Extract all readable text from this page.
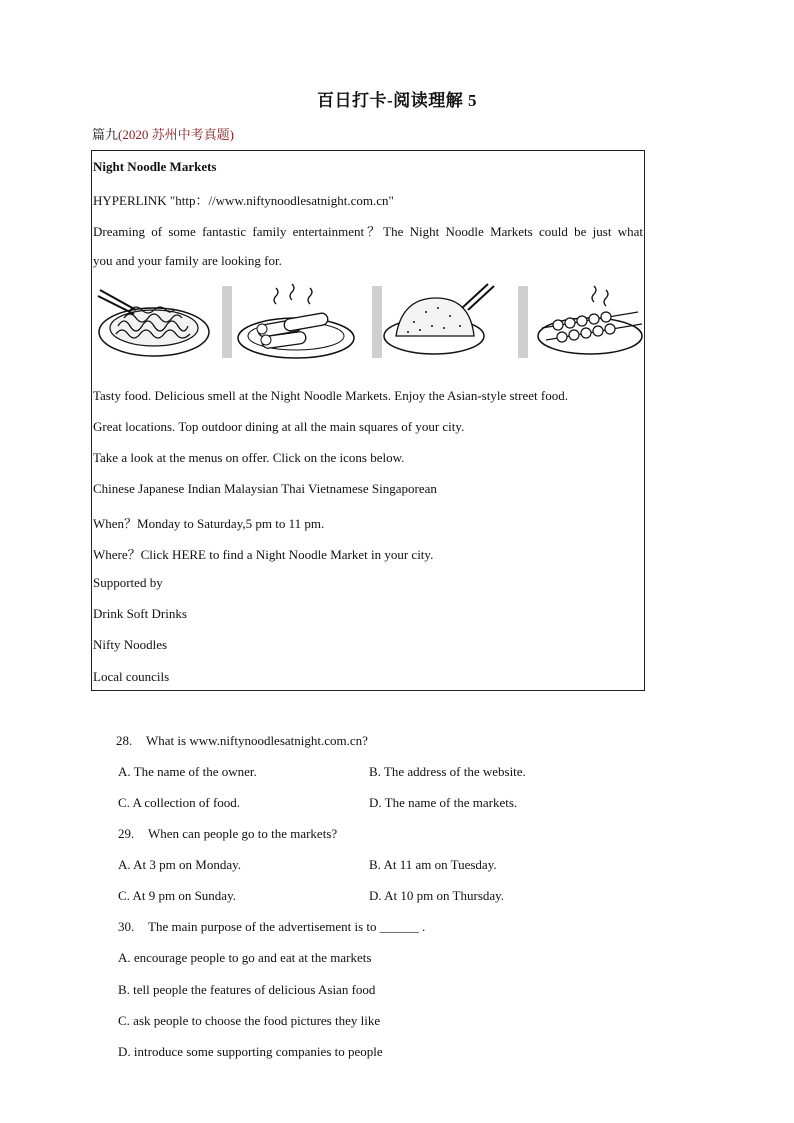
百日打卡-阅读理解 5
篇九(2020 苏州中考真题)
Night Noodle Markets
HYPERLINK "http：//www.niftynoodlesatnight.com.cn"
Dreaming of some fantastic family entertainment？The Night Noodle Markets could be just what
you and your family are looking for.
Tasty food. Delicious smell at the Night Noodle Markets. Enjoy the Asian-style street food.
Great locations. Top outdoor dining at all the main squares of your city.
Take a look at the menus on offer. Click on the icons below.
Chinese Japanese Indian Malaysian Thai Vietnamese Singaporean
When？Monday to Saturday,5 pm to 11 pm.
Where？Click HERE to find a Night Noodle Market in your city.
Supported by
Drink Soft Drinks
Nifty Noodles
Local councils
28. What is www.niftynoodlesatnight.com.cn?
A. The name of the owner.	B. The address of the website.
C. A collection of food.	D. The name of the markets.
29. When can people go to the markets?
A. At 3 pm on Monday.	B. At 11 am on Tuesday.
C. At 9 pm on Sunday.	D. At 10 pm on Thursday.
30. The main purpose of the advertisement is to ______ .
A. encourage people to go and eat at the markets
B. tell people the features of delicious Asian food
C. ask people to choose the food pictures they like
D. introduce some supporting companies to people
